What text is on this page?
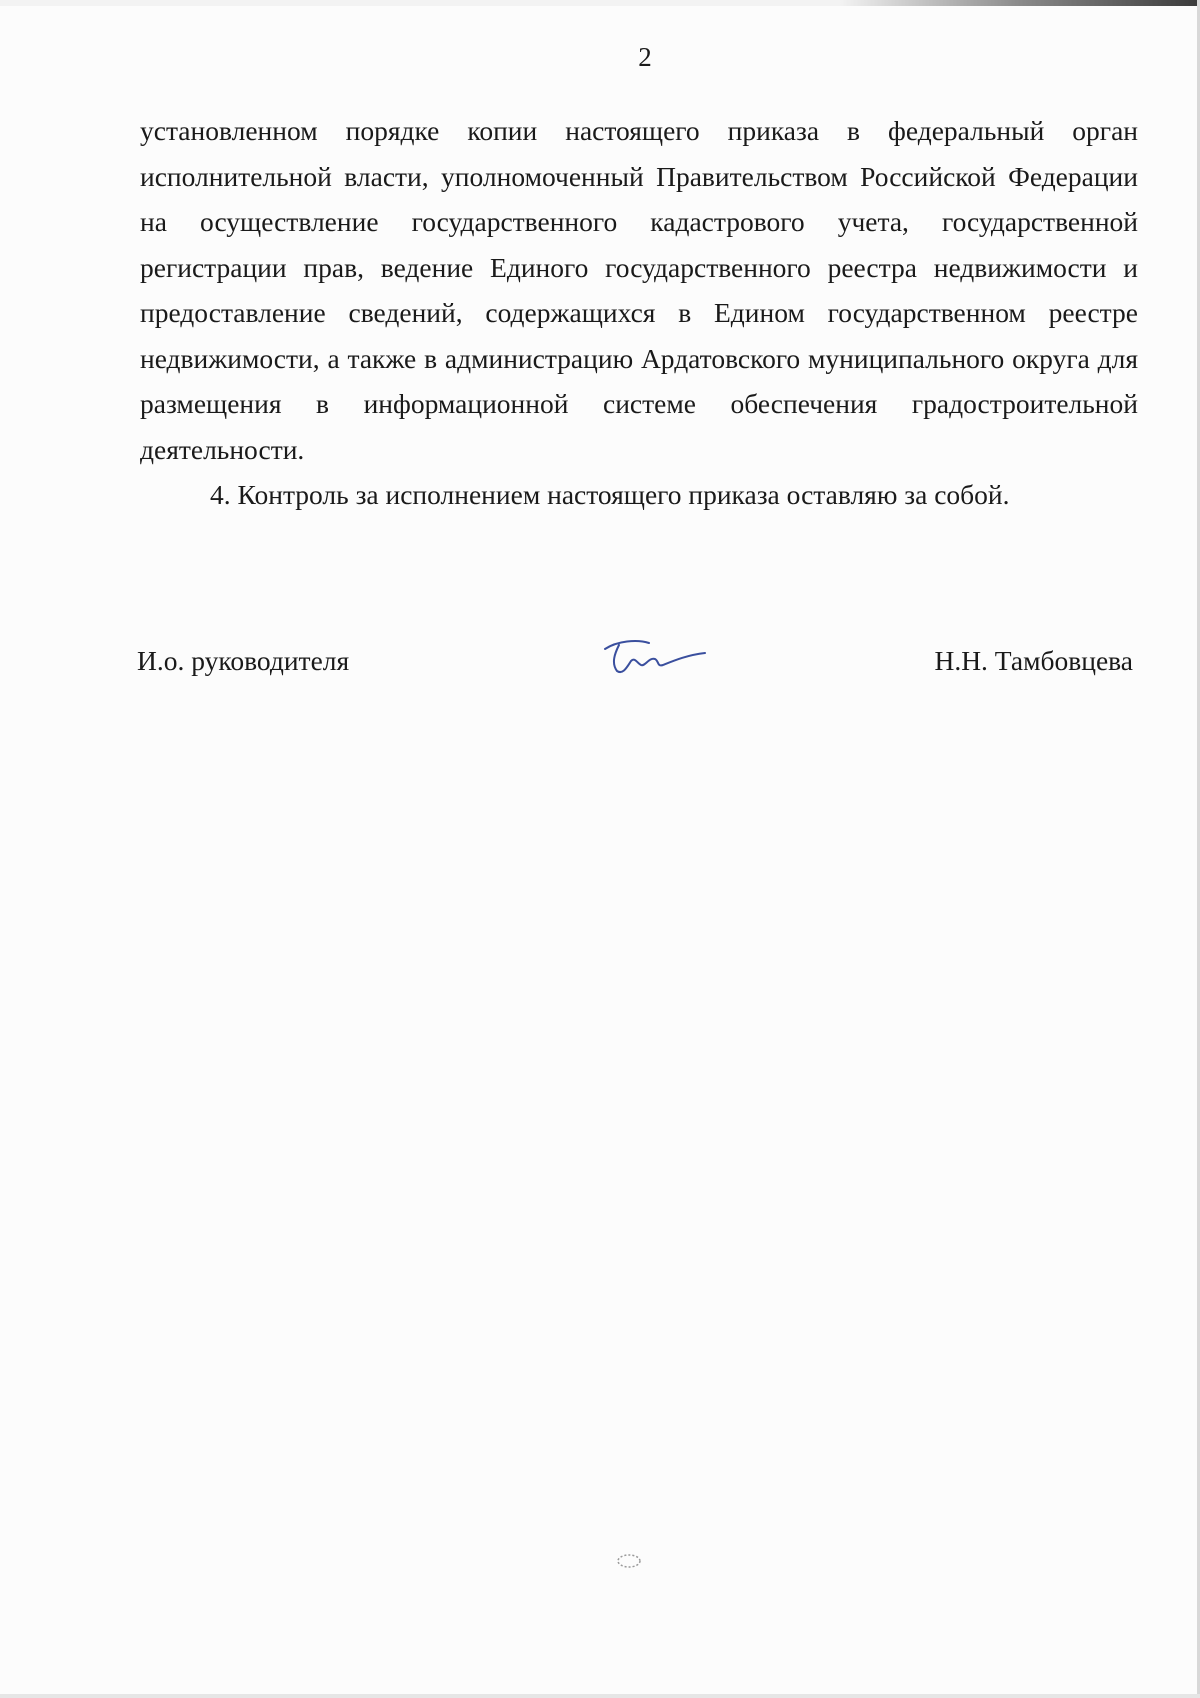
2

установленном порядке копии настоящего приказа в федеральный орган исполнительной власти, уполномоченный Правительством Российской Федерации на осуществление государственного кадастрового учета, государственной регистрации прав, ведение Единого государственного реестра недвижимости и предоставление сведений, содержащихся в Едином государственном реестре недвижимости, а также в администрацию Ардатовского муниципального округа для размещения в информационной системе обеспечения градостроительной деятельности.

4. Контроль за исполнением настоящего приказа оставляю за собой.

И.о. руководителя	Н.Н. Тамбовцева
